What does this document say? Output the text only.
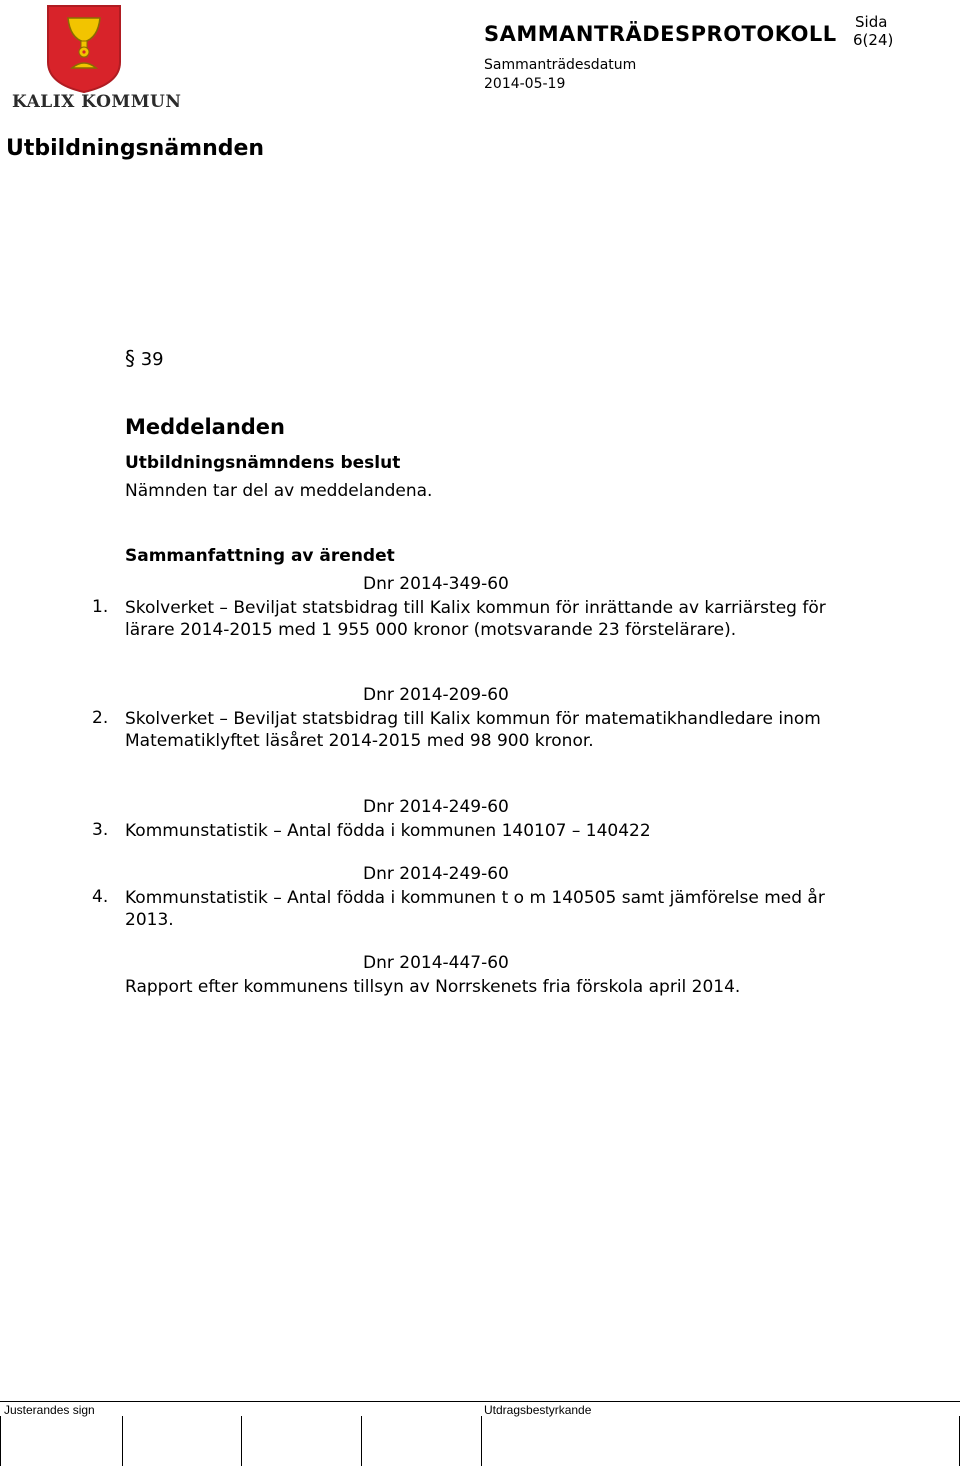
KALIX KOMMUN
SAMMANTRÄDESPROTOKOLL Sida
6(24)
Sammanträdesdatum
2014-05-19
Utbildningsnämnden
§ 39
Meddelanden
Utbildningsnämndens beslut
Nämnden tar del av meddelandena.
Sammanfattning av ärendet
Dnr 2014-349-60
1. Skolverket – Beviljat statsbidrag till Kalix kommun för inrättande av karriärsteg för lärare 2014-2015 med 1 955 000 kronor (motsvarande 23 förstelärare).
Dnr 2014-209-60
2. Skolverket – Beviljat statsbidrag till Kalix kommun för matematikhandledare inom Matematiklyftet läsåret 2014-2015 med 98 900 kronor.
Dnr 2014-249-60
3. Kommunstatistik – Antal födda i kommunen 140107 – 140422
Dnr 2014-249-60
4. Kommunstatistik – Antal födda i kommunen t o m 140505 samt jämförelse med år 2013.
Dnr 2014-447-60
Rapport efter kommunens tillsyn av Norrskenets fria förskola april 2014.
Justerandes sign	Utdragsbestyrkande
